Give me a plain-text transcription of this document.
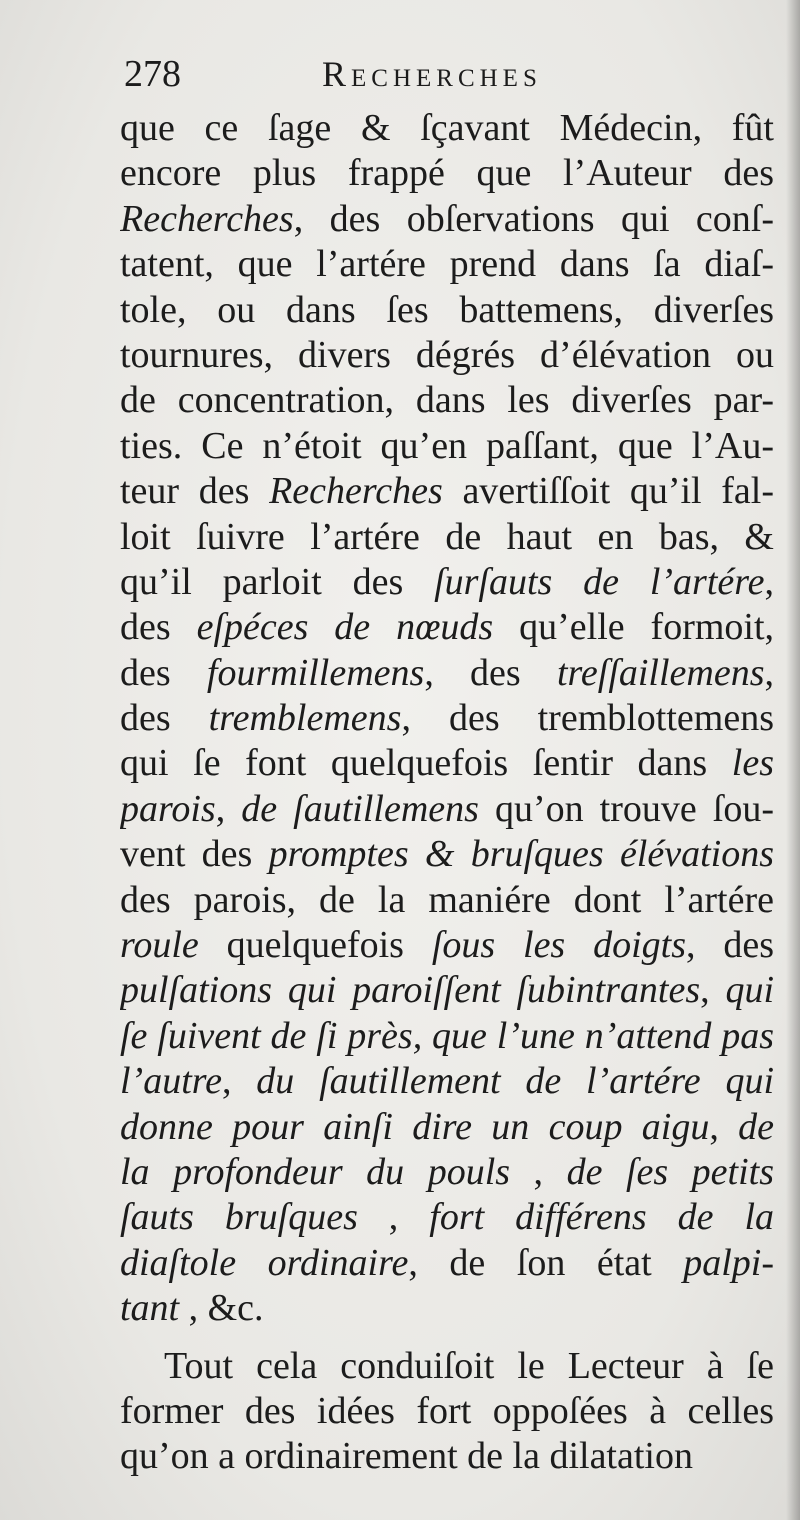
278	Recherches
que ce ſage & ſçavant Médecin, fût
encore plus frappé que l’Auteur des
Recherches, des obſervations qui conſ-
tatent, que l’artére prend dans ſa diaſ-
tole, ou dans ſes battemens, diverſes
tournures, divers dégrés d’élévation ou
de concentration, dans les diverſes par-
ties. Ce n’étoit qu’en paſſant, que l’Au-
teur des Recherches avertiſſoit qu’il fal-
loit ſuivre l’artére de haut en bas, &
qu’il parloit des ſurſauts de l’artére,
des eſpéces de nœuds qu’elle formoit,
des fourmillemens, des treſſaillemens,
des tremblemens, des tremblottemens
qui ſe font quelquefois ſentir dans les
parois, de ſautillemens qu’on trouve ſou-
vent des promptes & bruſques élévations
des parois, de la maniére dont l’artére
roule quelquefois ſous les doigts, des
pulſations qui paroiſſent ſubintrantes, qui
ſe ſuivent de ſi près, que l’une n’attend pas
l’autre, du ſautillement de l’artére qui
donne pour ainſi dire un coup aigu, de
la profondeur du pouls , de ſes petits
ſauts bruſques , fort différens de la
diaſtole ordinaire, de ſon état palpi-
tant , &c.
Tout cela conduiſoit le Lecteur à ſe
former des idées fort oppoſées à celles
qu’on a ordinairement de la dilatation
